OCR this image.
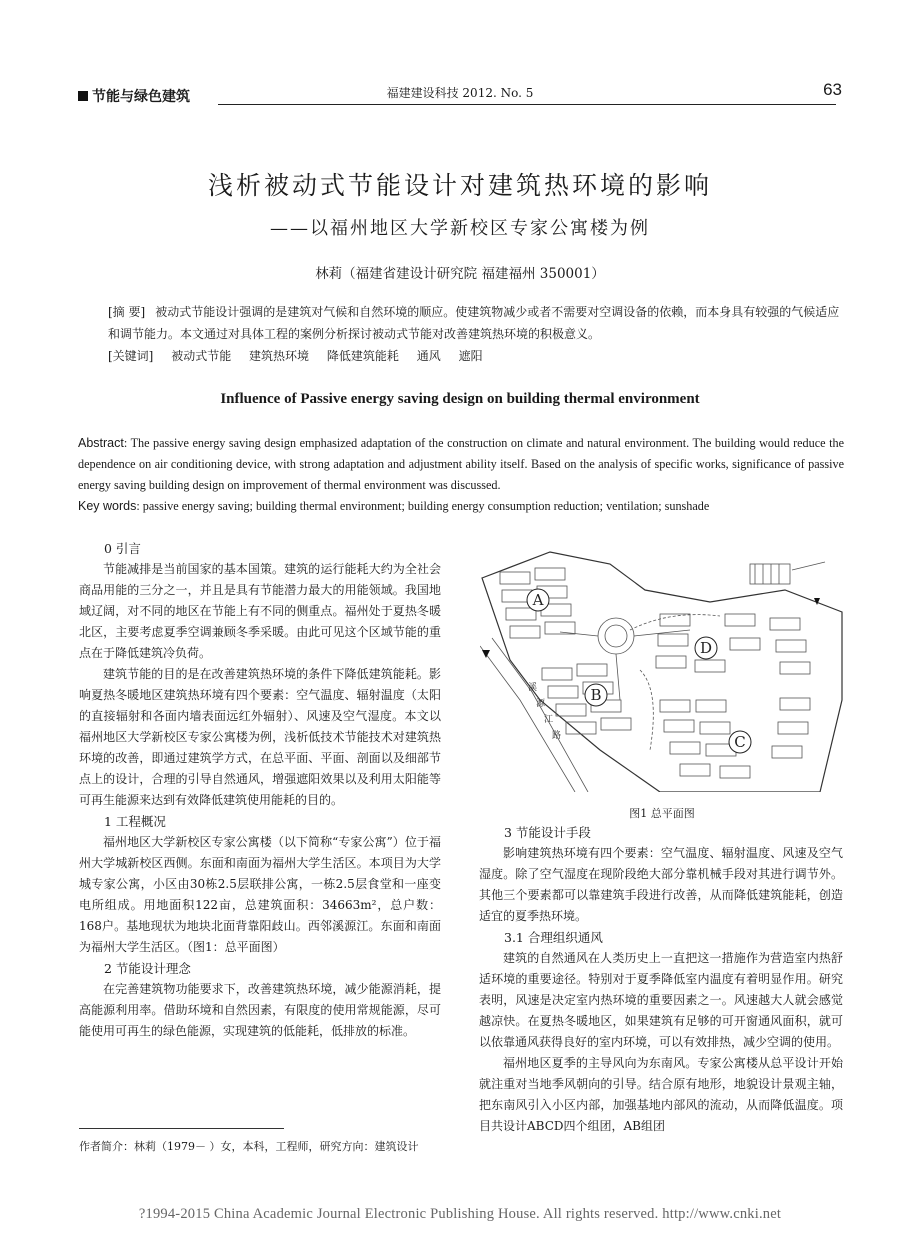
节能与绿色建筑	福建建设科技 2012. No. 5	63
浅析被动式节能设计对建筑热环境的影响
——以福州地区大学新校区专家公寓楼为例
林莉（福建省建设计研究院 福建福州 350001）

[摘 要] 被动式节能设计强调的是建筑对气候和自然环境的顺应。使建筑物减少或者不需要对空调设备的依赖，而本身具有较强的气候适应和调节能力。本文通过对具体工程的案例分析探讨被动式节能对改善建筑热环境的积极意义。

[关键词] 被动式节能 建筑热环境 降低建筑能耗 通风 遮阳
Influence of Passive energy saving design on building thermal environment
Abstract: The passive energy saving design emphasized adaptation of the construction on climate and natural environment. The building would reduce the dependence on air conditioning device, with strong adaptation and adjustment ability itself. Based on the analysis of specific works, significance of passive energy saving building design on improvement of thermal environment was discussed.
Key words: passive energy saving; building thermal environment; building energy consumption reduction; ventilation; sunshade
0 引言

节能减排是当前国家的基本国策。建筑的运行能耗大约为全社会商品用能的三分之一，并且是具有节能潜力最大的用能领域。我国地域辽阔，对不同的地区在节能上有不同的侧重点。福州处于夏热冬暖北区，主要考虑夏季空调兼顾冬季采暖。由此可见这个区域节能的重点在于降低建筑冷负荷。

建筑节能的目的是在改善建筑热环境的条件下降低建筑能耗。影响夏热冬暖地区建筑热环境有四个要素：空气温度、辐射温度（太阳的直接辐射和各面内墙表面远红外辐射）、风速及空气湿度。本文以福州地区大学新校区专家公寓楼为例，浅析低技术节能技术对建筑热环境的改善，即通过建筑学方式，在总平面、平面、剖面以及细部节点上的设计，合理的引导自然通风，增强遮阳效果以及利用太阳能等可再生能源来达到有效降低建筑使用能耗的目的。

1 工程概况

福州地区大学新校区专家公寓楼（以下简称“专家公寓”）位于福州大学城新校区西侧。东面和南面为福州大学生活区。本项目为大学城专家公寓，小区由30栋2.5层联排公寓，一栋2.5层食堂和一座变电所组成。用地面积122亩，总建筑面积：34663m²，总户数：168户。基地现状为地块北面背靠阳歧山。西邻溪源江。东面和南面为福州大学生活区。（图1：总平面图）

2 节能设计理念

在完善建筑物功能要求下，改善建筑热环境，减少能源消耗，提高能源利用率。借助环境和自然因素，有限度的使用常规能源，尽可能使用可再生的绿色能源，实现建筑的低能耗，低排放的标准。

溪
源
江
路
A
B
C
D
图1 总平面图
3 节能设计手段

影响建筑热环境有四个要素：空气温度、辐射温度、风速及空气湿度。除了空气湿度在现阶段绝大部分靠机械手段对其进行调节外。其他三个要素都可以靠建筑手段进行改善，从而降低建筑能耗，创造适宜的夏季热环境。

3.1 合理组织通风

建筑的自然通风在人类历史上一直把这一措施作为营造室内热舒适环境的重要途径。特别对于夏季降低室内温度有着明显作用。研究表明，风速是决定室内热环境的重要因素之一。风速越大人就会感觉越凉快。在夏热冬暖地区，如果建筑有足够的可开窗通风面积，就可以依靠通风获得良好的室内环境，可以有效排热，减少空调的使用。

福州地区夏季的主导风向为东南风。专家公寓楼从总平设计开始就注重对当地季风朝向的引导。结合原有地形，地貌设计景观主轴，把东南风引入小区内部，加强基地内部风的流动，从而降低温度。项目共设计ABCD四个组团，AB组团

作者简介：林莉（1979－ ）女，本科，工程师，研究方向：建筑设计
?1994-2015 China Academic Journal Electronic Publishing House. All rights reserved. http://www.cnki.net
